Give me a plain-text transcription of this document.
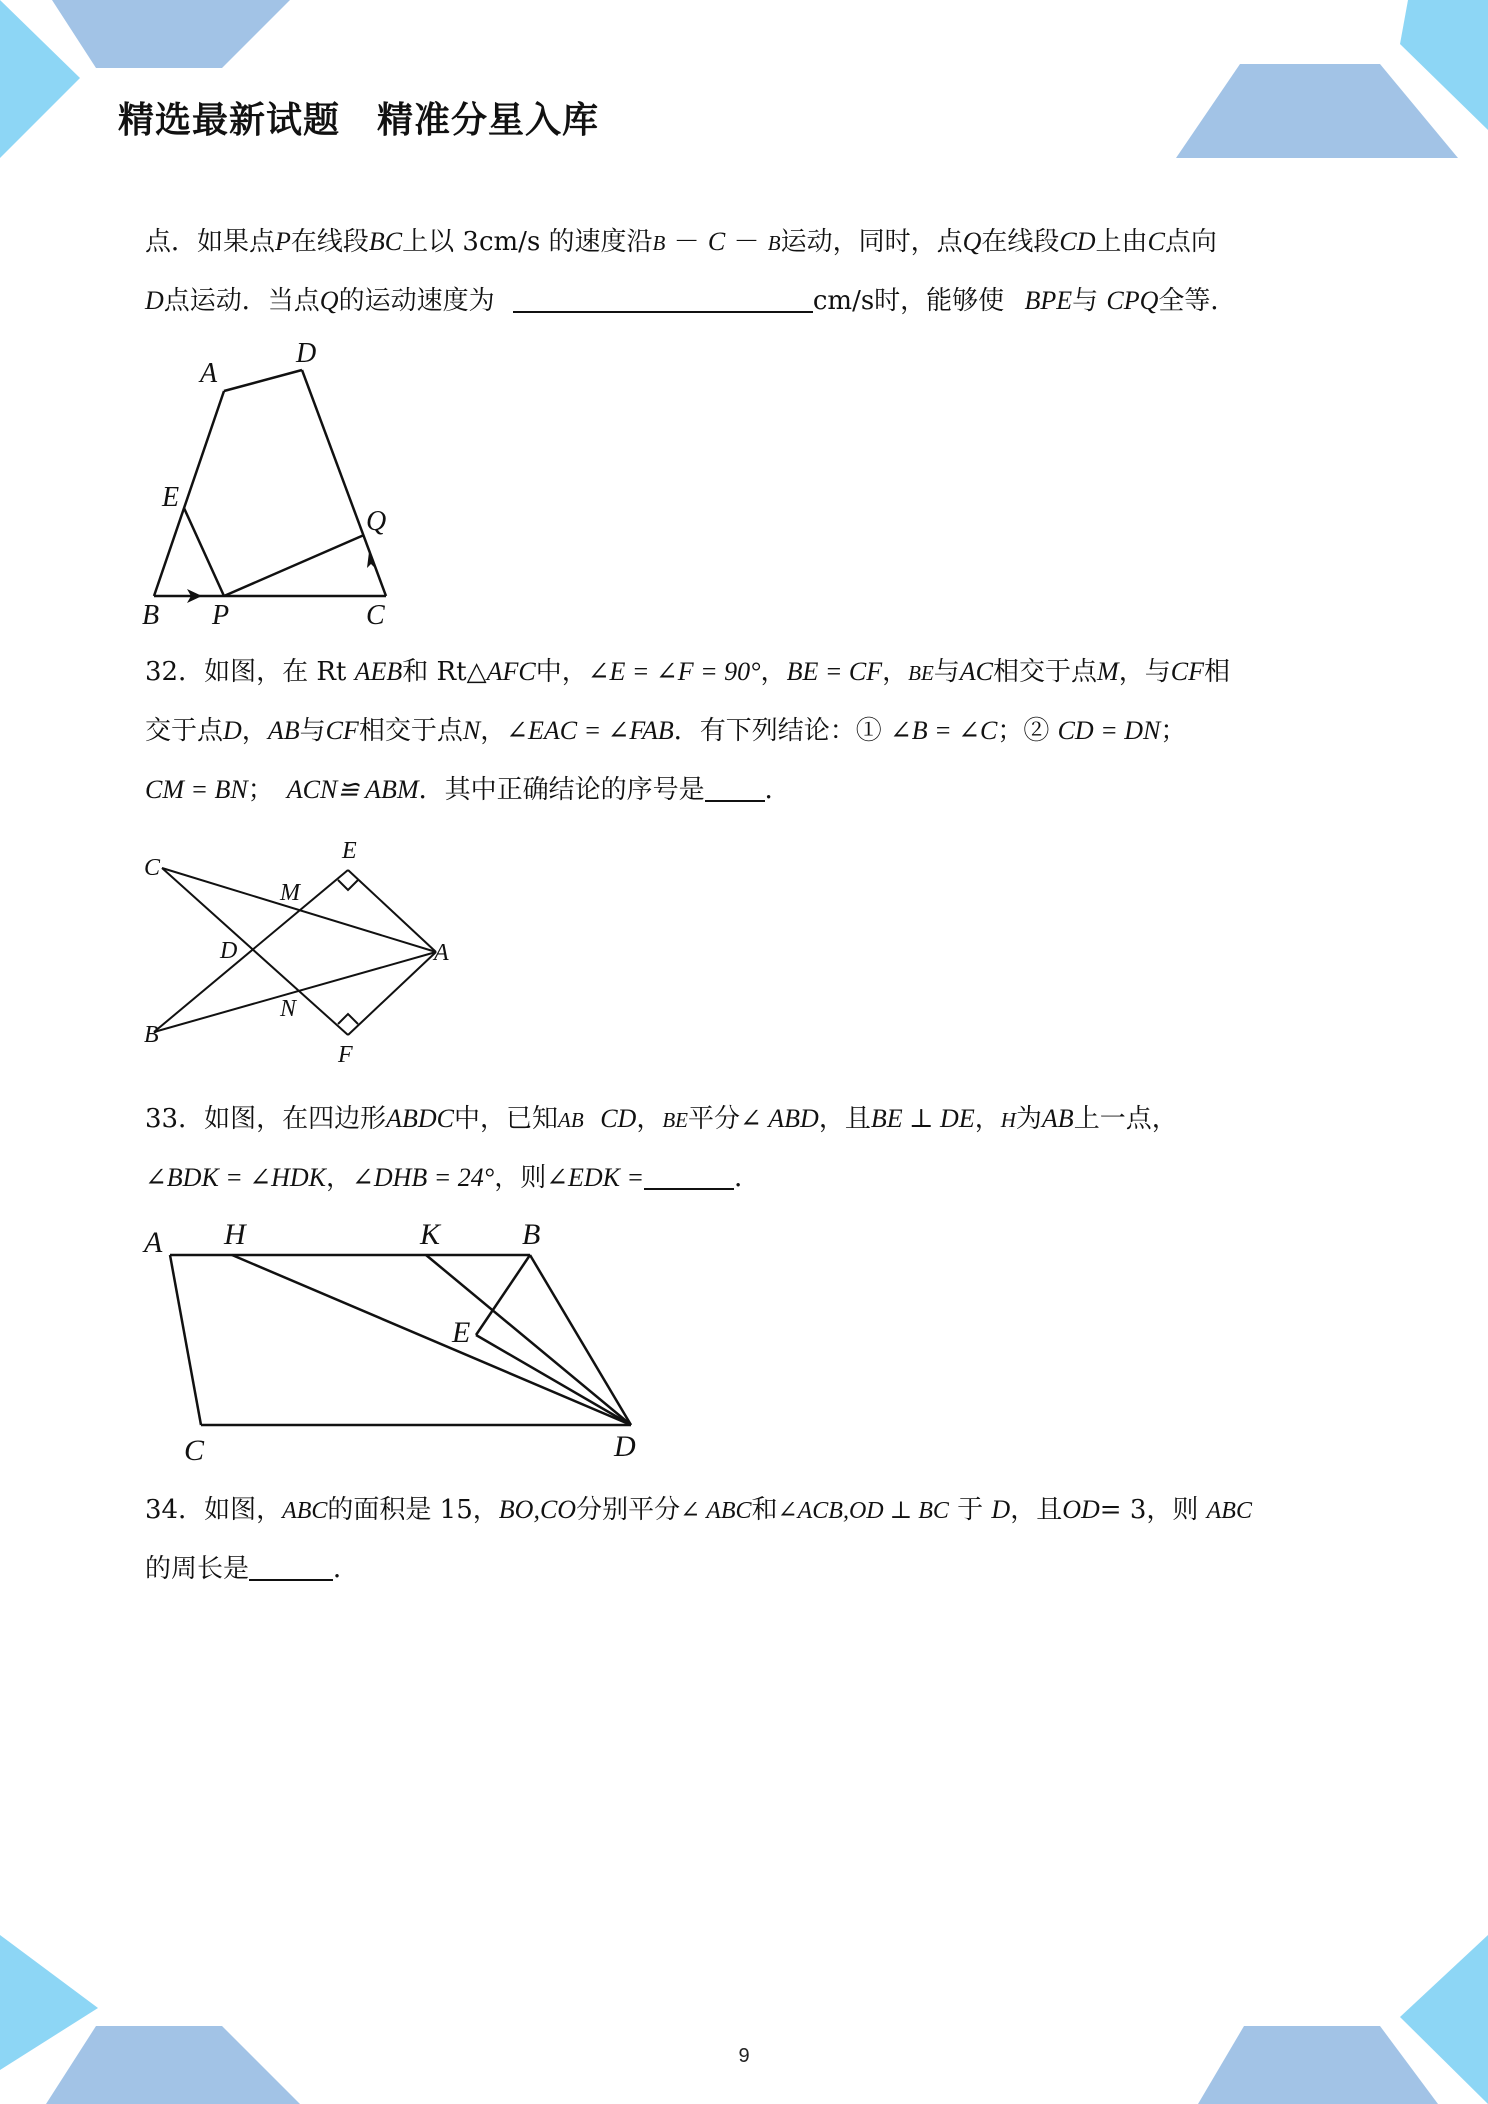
精选最新试题　精准分星入库
点．如果点P在线段BC上以 3cm/s 的速度沿B － C － B运动，同时，点Q在线段CD上由C点向
D点运动．当点Q的运动速度为	cm/s时，能够使 BPE与 CPQ全等．
A
D
E
Q
B P	C
32．如图，在 Rt AEB和 Rt△AFC中，∠E = ∠F = 90°，BE = CF，BE与AC相交于点M，与CF相
交于点D，AB与CF相交于点N，∠EAC = ∠FAB．有下列结论：① ∠B = ∠C；② CD = DN；
CM = BN；　ACN≌ ABM．其中正确结论的序号是 ．
C
E
M
D	A
N
B
F
33．如图，在四边形ABDC中，已知AB CD，BE平分∠ ABD，且BE ⊥ DE，H为AB上一点，
∠BDK = ∠HDK，∠DHB = 24°，则∠EDK =	．
A H	K	B
E
C	D
34．如图，ABC的面积是 15，BO,CO分别平分∠ ABC和∠ACB,OD ⊥ BC 于 D，且OD= 3，则 ABC
的周长是	．
9
